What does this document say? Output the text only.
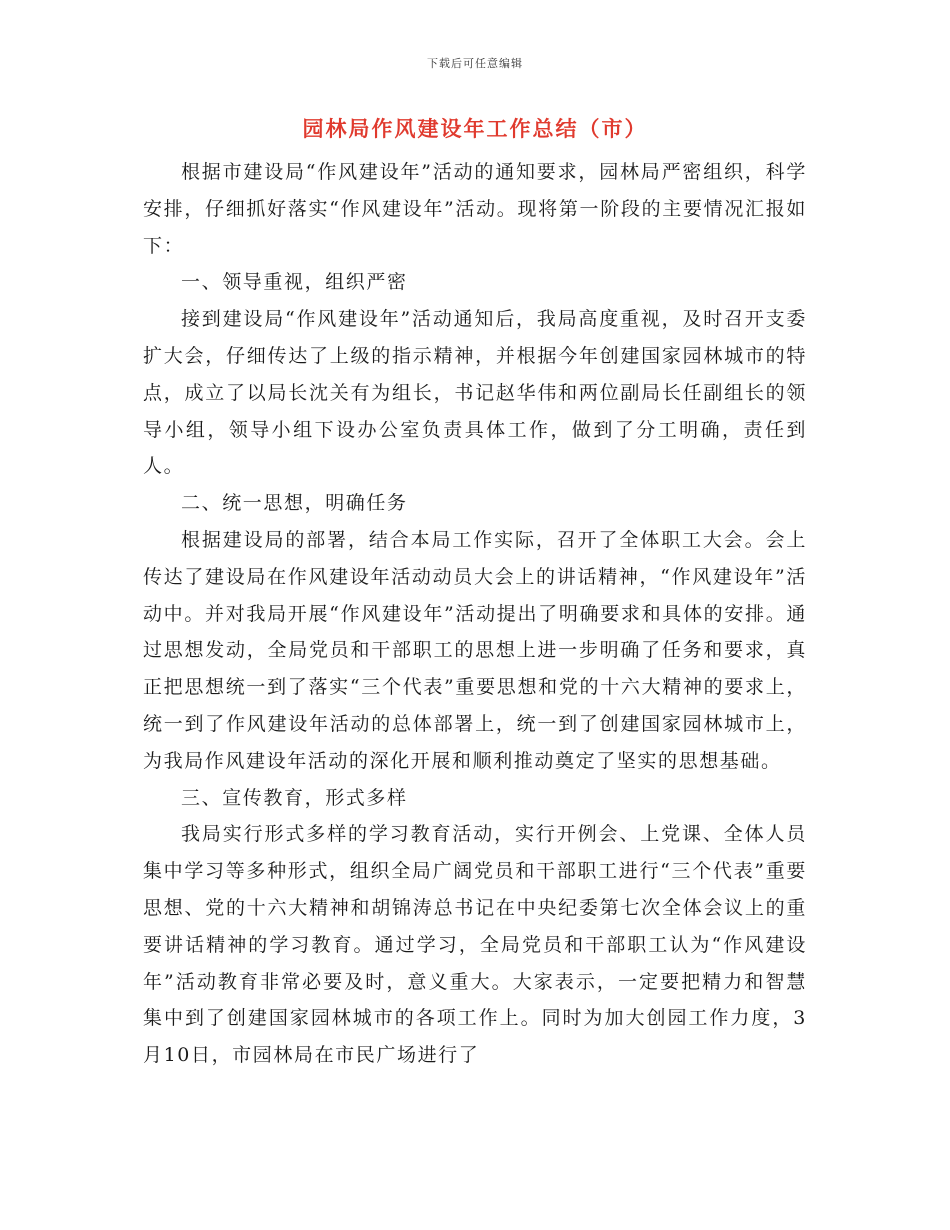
下载后可任意编辑
园林局作风建设年工作总结（市）

根据市建设局“作风建设年”活动的通知要求，园林局严密组织，科学安排，仔细抓好落实“作风建设年”活动。现将第一阶段的主要情况汇报如下：

一、领导重视，组织严密

接到建设局“作风建设年”活动通知后，我局高度重视，及时召开支委扩大会，仔细传达了上级的指示精神，并根据今年创建国家园林城市的特点，成立了以局长沈关有为组长，书记赵华伟和两位副局长任副组长的领导小组，领导小组下设办公室负责具体工作，做到了分工明确，责任到人。

二、统一思想，明确任务

根据建设局的部署，结合本局工作实际，召开了全体职工大会。会上传达了建设局在作风建设年活动动员大会上的讲话精神，“作风建设年”活动中。并对我局开展“作风建设年”活动提出了明确要求和具体的安排。通过思想发动，全局党员和干部职工的思想上进一步明确了任务和要求，真正把思想统一到了落实“三个代表”重要思想和党的十六大精神的要求上，统一到了作风建设年活动的总体部署上，统一到了创建国家园林城市上，为我局作风建设年活动的深化开展和顺利推动奠定了坚实的思想基础。

三、宣传教育，形式多样

我局实行形式多样的学习教育活动，实行开例会、上党课、全体人员集中学习等多种形式，组织全局广阔党员和干部职工进行“三个代表”重要思想、党的十六大精神和胡锦涛总书记在中央纪委第七次全体会议上的重要讲话精神的学习教育。通过学习，全局党员和干部职工认为“作风建设年”活动教育非常必要及时，意义重大。大家表示，一定要把精力和智慧集中到了创建国家园林城市的各项工作上。同时为加大创园工作力度，3月10日，市园林局在市民广场进行了
